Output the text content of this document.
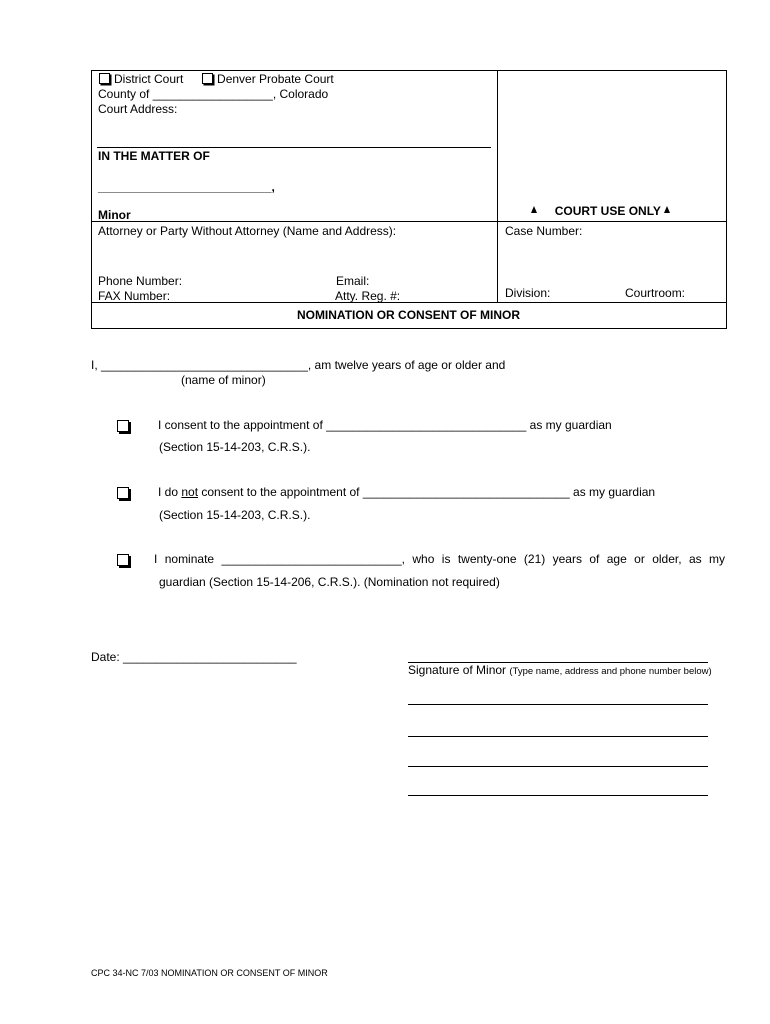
District Court	Denver Probate Court
County of __________________, Colorado
Court Address:
IN THE MATTER OF
__________________________,
Minor	COURT USE ONLY
Attorney or Party Without Attorney (Name and Address):	Case Number:
Phone Number:	Email:
FAX Number:	Atty. Reg. #:	Division:	Courtroom:
NOMINATION OR CONSENT OF MINOR
I, _______________________________, am twelve years of age or older and
(name of minor)
I consent to the appointment of ______________________________ as my guardian
(Section 15-14-203, C.R.S.).
I do not consent to the appointment of _______________________________ as my guardian
(Section 15-14-203, C.R.S.).
I nominate ___________________________, who is twenty-one (21) years of age or older, as my
guardian (Section 15-14-206, C.R.S.). (Nomination not required)
Date: __________________________
Signature of Minor (Type name, address and phone number below)
CPC 34-NC 7/03 NOMINATION OR CONSENT OF MINOR
